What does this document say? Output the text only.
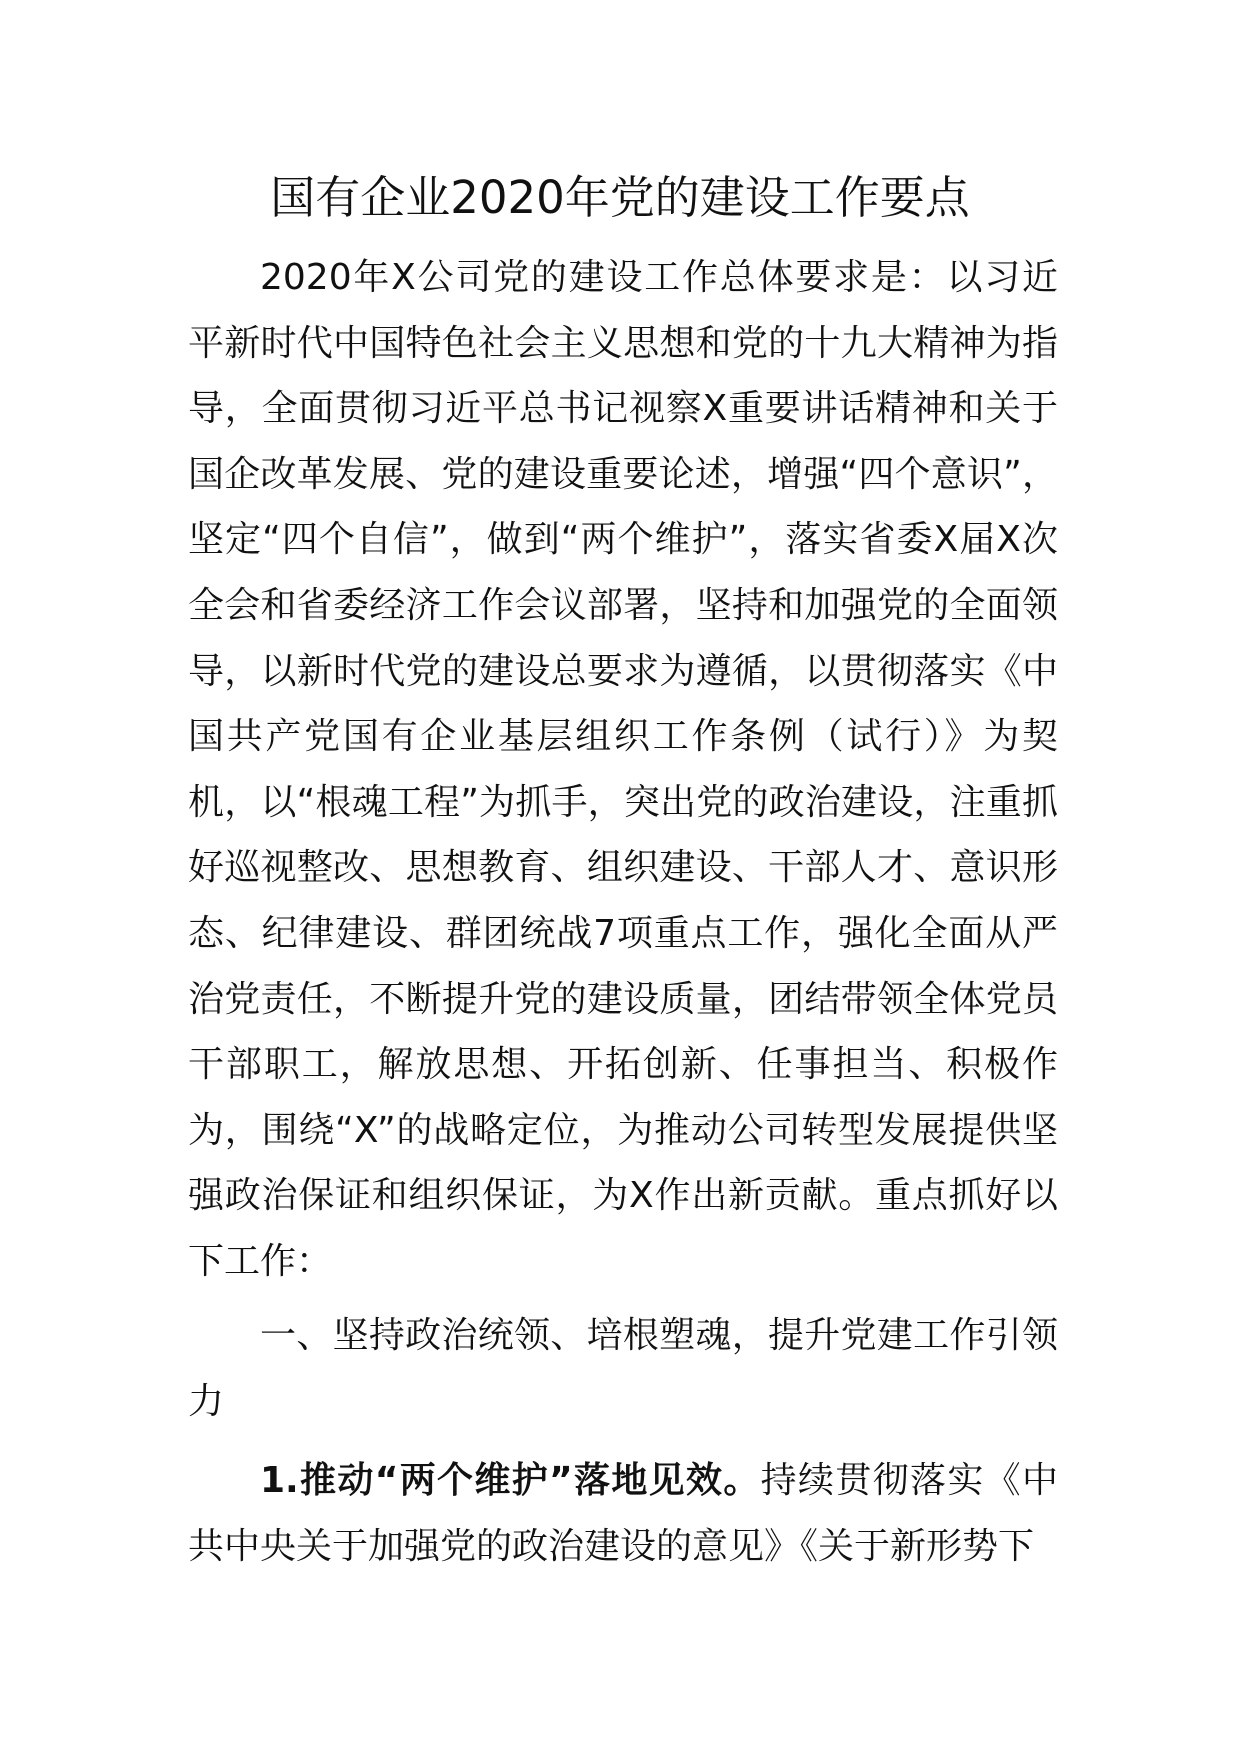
国有企业2020年党的建设工作要点

2020年X公司党的建设工作总体要求是：以习近平新时代中国特色社会主义思想和党的十九大精神为指导，全面贯彻习近平总书记视察X重要讲话精神和关于国企改革发展、党的建设重要论述，增强“四个意识”，坚定“四个自信”，做到“两个维护”，落实省委X届X次全会和省委经济工作会议部署，坚持和加强党的全面领导，以新时代党的建设总要求为遵循，以贯彻落实《中国共产党国有企业基层组织工作条例（试行）》为契机，以“根魂工程”为抓手，突出党的政治建设，注重抓好巡视整改、思想教育、组织建设、干部人才、意识形态、纪律建设、群团统战7项重点工作，强化全面从严治党责任，不断提升党的建设质量，团结带领全体党员干部职工，解放思想、开拓创新、任事担当、积极作为，围绕“X”的战略定位，为推动公司转型发展提供坚强政治保证和组织保证，为X作出新贡献。重点抓好以下工作：

一、坚持政治统领、培根塑魂，提升党建工作引领力

1.推动“两个维护”落地见效。持续贯彻落实《中共中央关于加强党的政治建设的意见》《关于新形势下
